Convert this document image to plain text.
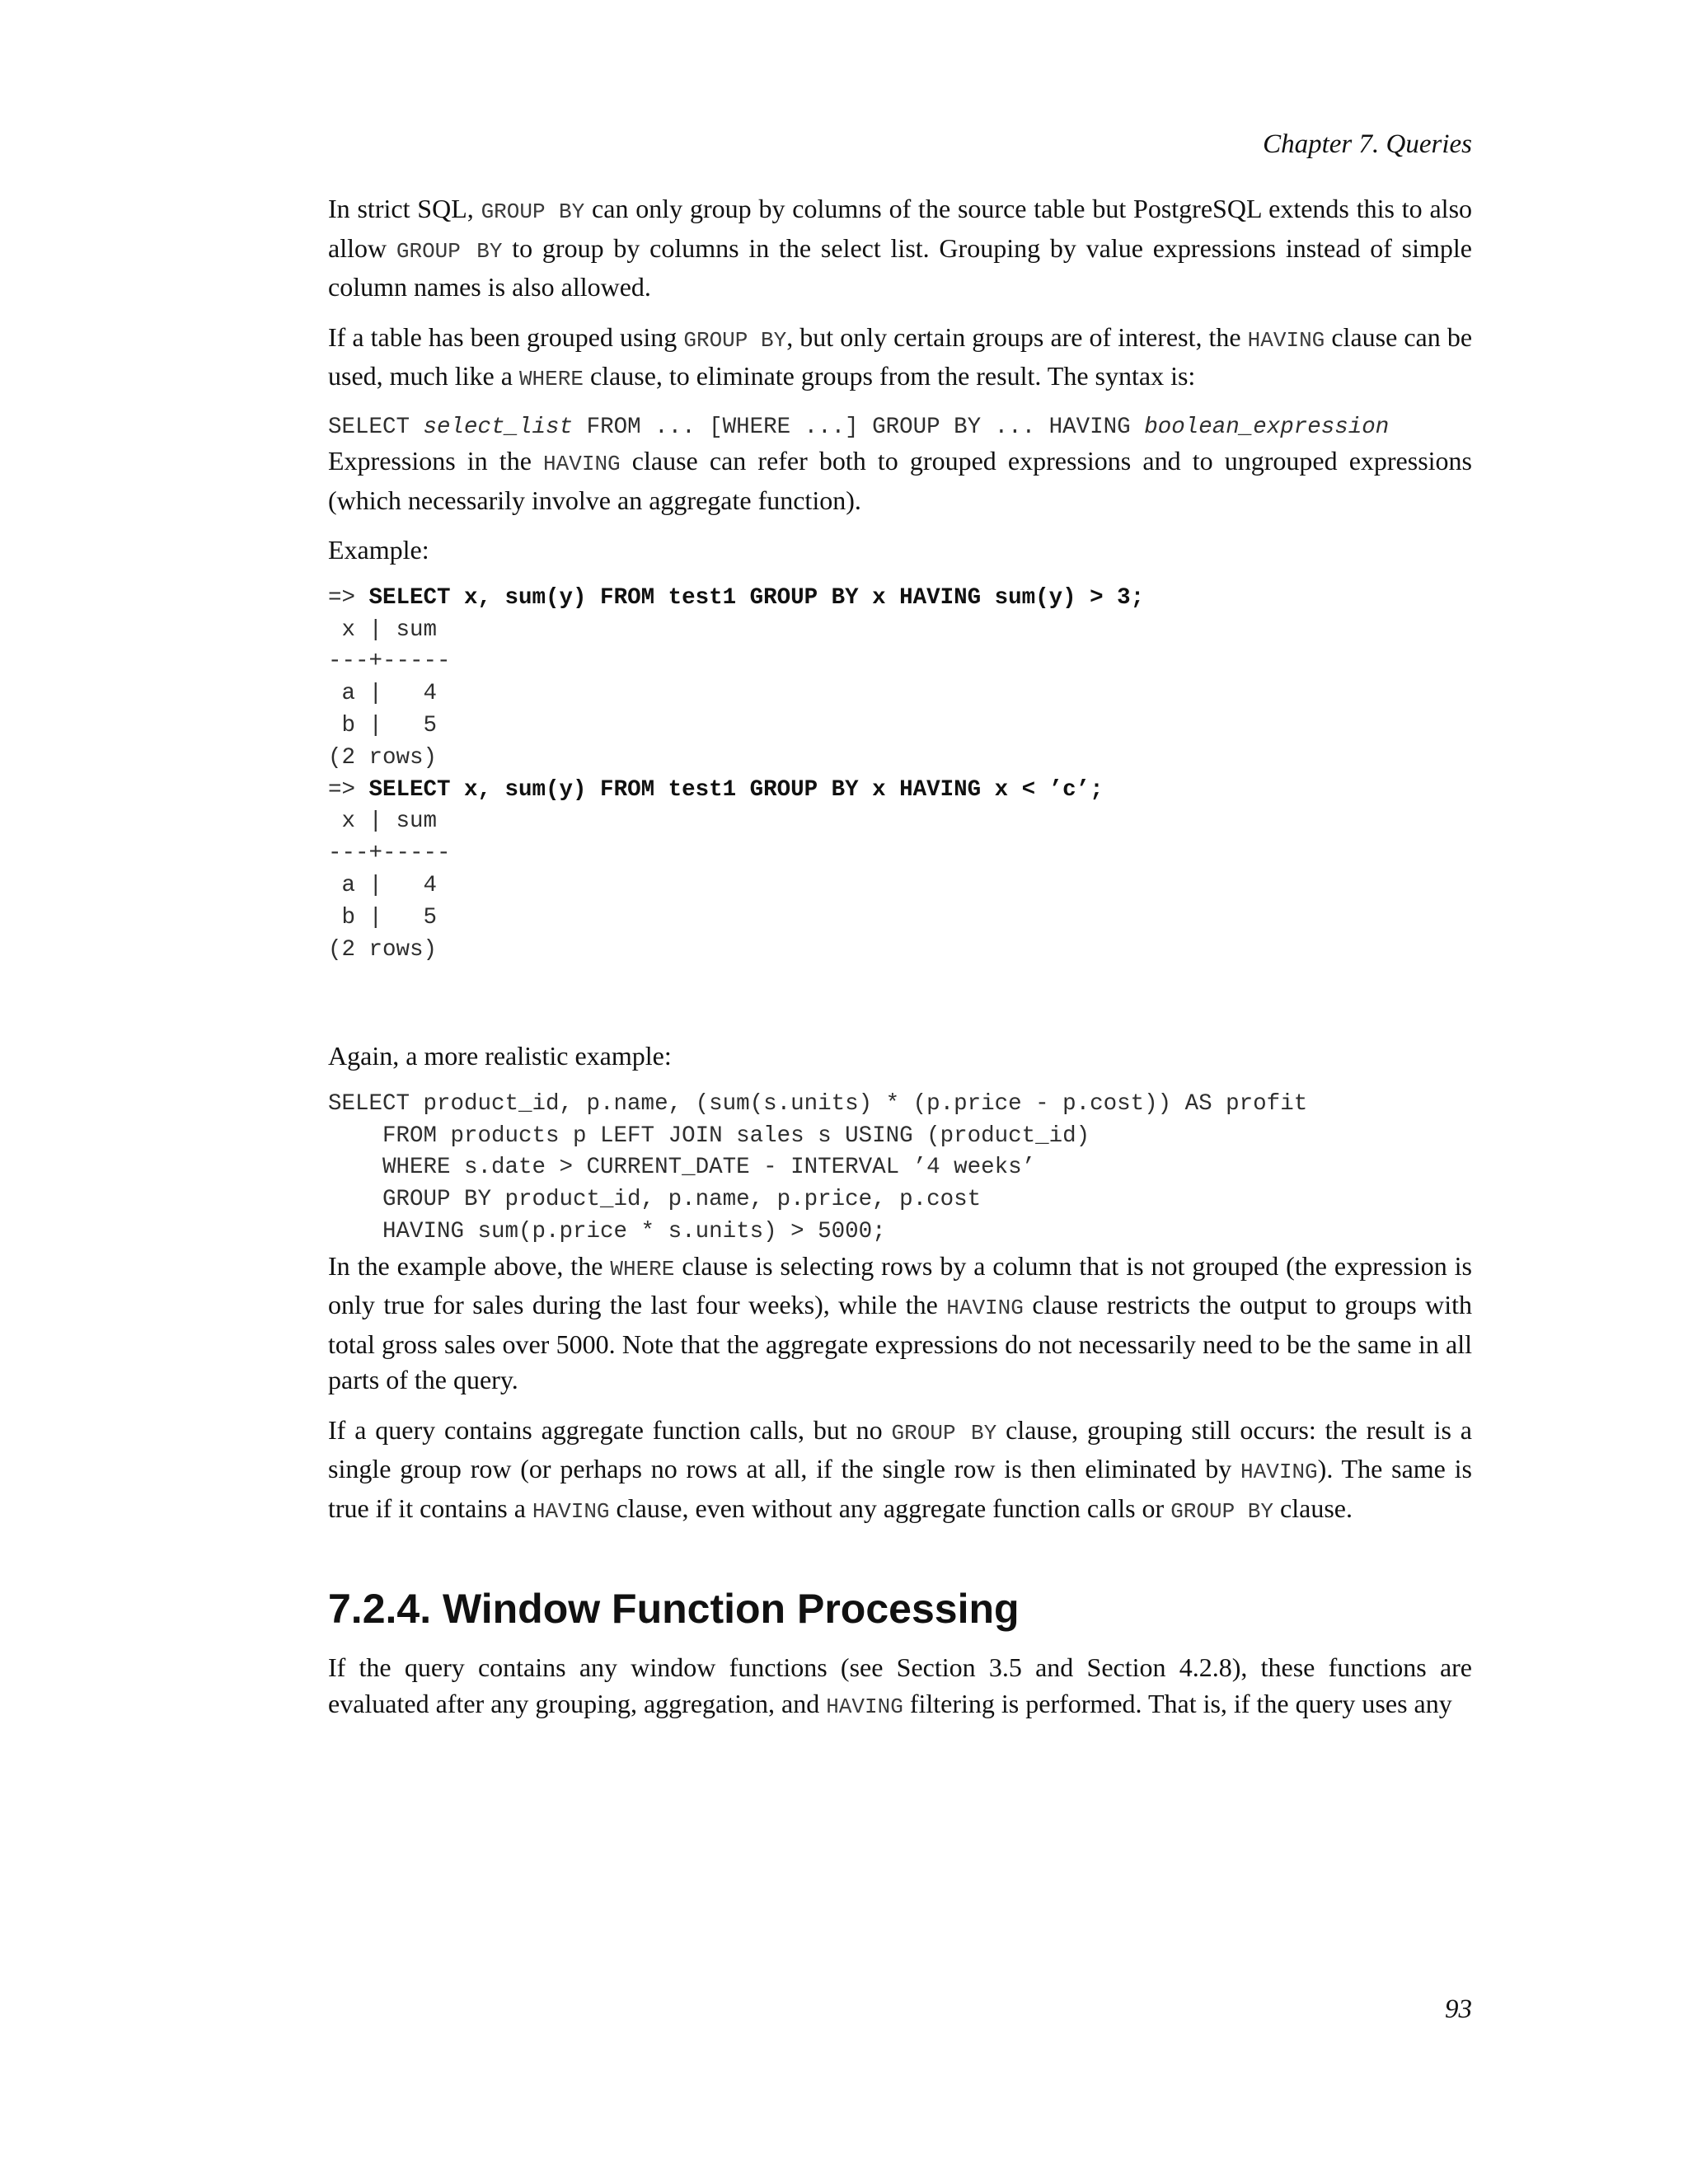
Chapter 7. Queries

In strict SQL, GROUP BY can only group by columns of the source table but PostgreSQL extends this to also allow GROUP BY to group by columns in the select list. Grouping by value expressions instead of simple column names is also allowed.

If a table has been grouped using GROUP BY, but only certain groups are of interest, the HAVING clause can be used, much like a WHERE clause, to eliminate groups from the result. The syntax is:

SELECT select_list FROM ... [WHERE ...] GROUP BY ... HAVING boolean_expression

Expressions in the HAVING clause can refer both to grouped expressions and to ungrouped expressions (which necessarily involve an aggregate function).

Example:

=> SELECT x, sum(y) FROM test1 GROUP BY x HAVING sum(y) > 3;
x | sum
---+-----
a |   4
b |   5
(2 rows)
=> SELECT x, sum(y) FROM test1 GROUP BY x HAVING x < ’c’;
x | sum
---+-----
a |   4
b |   5
(2 rows)

Again, a more realistic example:

SELECT product_id, p.name, (sum(s.units) * (p.price - p.cost)) AS profit
FROM products p LEFT JOIN sales s USING (product_id)
WHERE s.date > CURRENT_DATE - INTERVAL ’4 weeks’
GROUP BY product_id, p.name, p.price, p.cost
HAVING sum(p.price * s.units) > 5000;

In the example above, the WHERE clause is selecting rows by a column that is not grouped (the expression is only true for sales during the last four weeks), while the HAVING clause restricts the output to groups with total gross sales over 5000. Note that the aggregate expressions do not necessarily need to be the same in all parts of the query.

If a query contains aggregate function calls, but no GROUP BY clause, grouping still occurs: the result is a single group row (or perhaps no rows at all, if the single row is then eliminated by HAVING). The same is true if it contains a HAVING clause, even without any aggregate function calls or GROUP BY clause.

7.2.4. Window Function Processing

If the query contains any window functions (see Section 3.5 and Section 4.2.8), these functions are evaluated after any grouping, aggregation, and HAVING filtering is performed. That is, if the query uses any

93
